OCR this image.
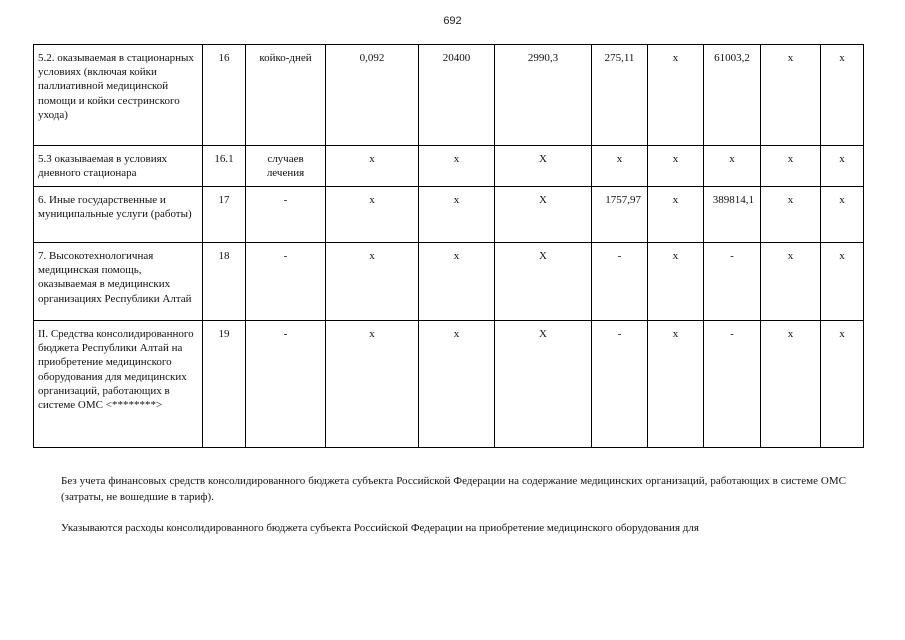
692
5.2. оказываемая в стационарных условиях (включая койки паллиативной медицинской помощи и койки сестринского ухода)	16	койко-дней	0,092	20400	2990,3	275,11	х	61003,2	х	х
5.3 оказываемая в условиях дневного стационара	16.1	случаев лечения	х	х	Х	х	х	х	х	х
6. Иные государственные и муниципальные услуги (работы)	17	-	х	х	Х	1757,97	х	389814,1	х	х
7. Высокотехнологичная медицинская помощь, оказываемая в медицинских организациях Республики Алтай	18	-	х	х	Х	-	х	-	х	х
II. Средства консолидированного бюджета Республики Алтай на приобретение медицинского оборудования для медицинских организаций, работающих в системе ОМС <********>	19	-	х	х	Х	-	х	-	х	х

Без учета финансовых средств консолидированного бюджета субъекта Российской Федерации на содержание медицинских организаций, работающих в системе ОМС (затраты, не вошедшие в тариф).

Указываются расходы консолидированного бюджета субъекта Российской Федерации на приобретение медицинского оборудования для
